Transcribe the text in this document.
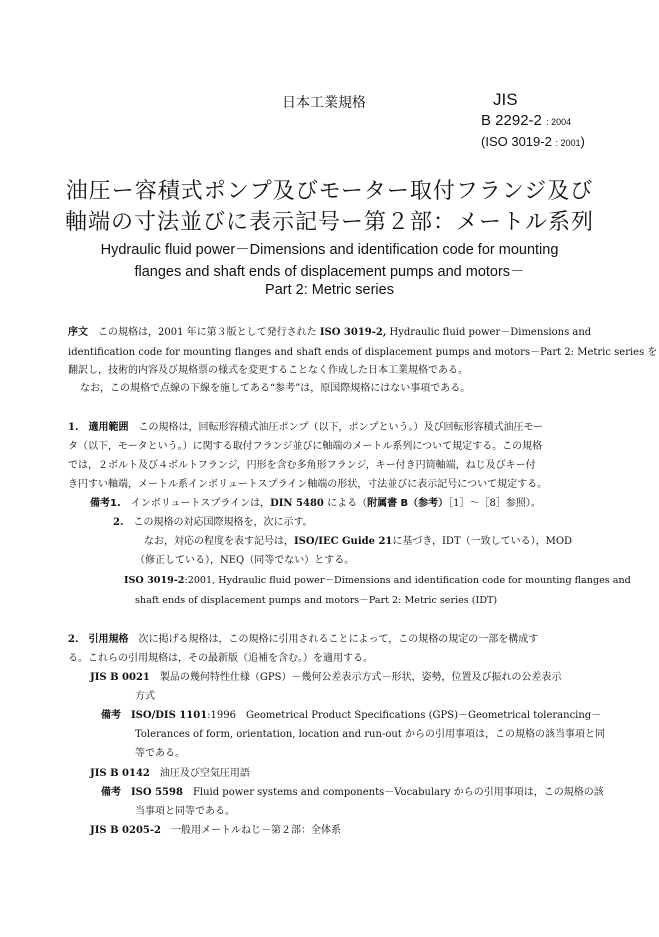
日本工業規格	JIS
B 2292-2 : 2004
(ISO 3019-2 : 2001)
油圧ー容積式ポンプ及びモーター取付フランジ及び
軸端の寸法並びに表示記号ー第２部：メートル系列
Hydraulic fluid power－Dimensions and identification code for mounting
flanges and shaft ends of displacement pumps and motors－
Part 2: Metric series
序文　 この規格は，2001 年に第３版として発行された ISO 3019-2, Hydraulic fluid power－Dimensions and
identification code for mounting flanges and shaft ends of displacement pumps and motors－Part 2: Metric series を
翻訳し，技術的内容及び規格票の様式を変更することなく作成した日本工業規格である。
なお，この規格で点線の下線を施してある“参考”は，原国際規格にはない事項である。
1.　 適用範囲　 この規格は，回転形容積式油圧ポンプ（以下，ポンプという。）及び回転形容積式油圧モー
タ（以下，モータという。）に関する取付フランジ並びに軸端のメートル系列について規定する。この規格
では，２ボルト及び４ボルトフランジ，円形を含む多角形フランジ，キー付き円筒軸端，ねじ及びキー付
き円すい軸端，メートル系インボリュートスプライン軸端の形状，寸法並びに表示記号について規定する。
備考1.　 インボリュートスプラインは，DIN 5480 による（附属書 B（参考）［1］～［8］参照）。
2.　 この規格の対応国際規格を，次に示す。
なお，対応の程度を表す記号は，ISO/IEC Guide 21に基づき，IDT（一致している），MOD
（修正している），NEQ（同等でない）とする。
ISO 3019-2:2001, Hydraulic fluid power－Dimensions and identification code for mounting flanges and
shaft ends of displacement pumps and motors－Part 2: Metric series (IDT)
2.　 引用規格　 次に掲げる規格は，この規格に引用されることによって，この規格の規定の一部を構成す
る。これらの引用規格は，その最新版（追補を含む。）を適用する。
JIS B 0021　 製品の幾何特性仕様（GPS）－幾何公差表示方式－形状，姿勢，位置及び振れの公差表示
方式
備考　 ISO/DIS 1101:1996　Geometrical Product Specifications (GPS)－Geometrical tolerancing－
Tolerances of form, orientation, location and run-out からの引用事項は，この規格の該当事項と同
等である。
JIS B 0142　 油圧及び空気圧用語
備考　 ISO 5598　 Fluid power systems and components－Vocabulary からの引用事項は，この規格の該
当事項と同等である。
JIS B 0205-2　 一般用メートルねじ－第２部：全体系
